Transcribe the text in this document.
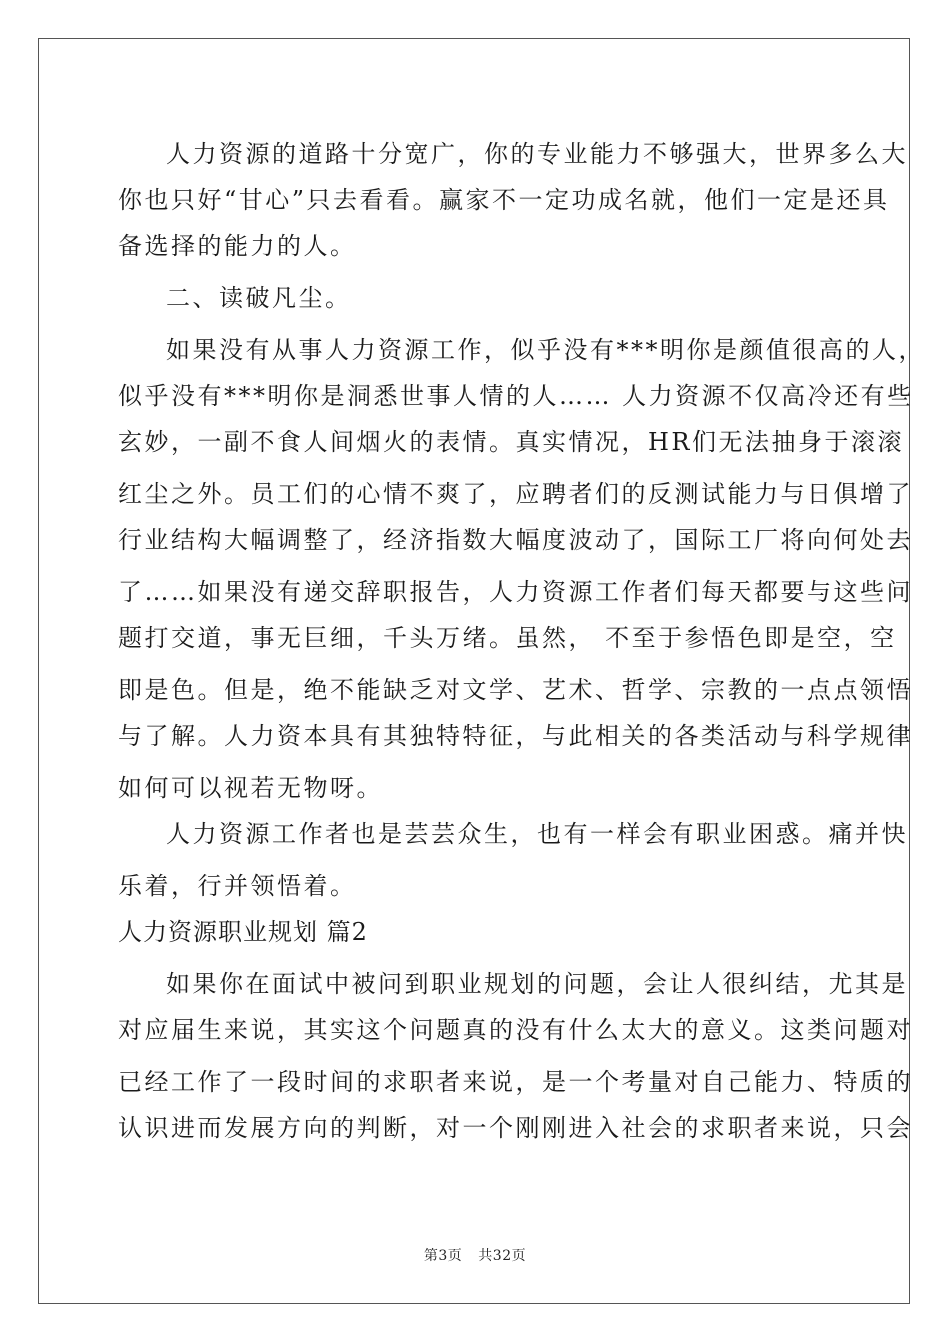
人力资源的道路十分宽广，你的专业能力不够强大，世界多么大

你也只好“甘心”只去看看。赢家不一定功成名就，他们一定是还具

备选择的能力的人。

二、读破凡尘。

如果没有从事人力资源工作，似乎没有***明你是颜值很高的人，

似乎没有***明你是洞悉世事人情的人…… 人力资源不仅高冷还有些

玄妙，一副不食人间烟火的表情。真实情况，HR们无法抽身于滚滚

红尘之外。员工们的心情不爽了，应聘者们的反测试能力与日俱增了

行业结构大幅调整了，经济指数大幅度波动了，国际工厂将向何处去

了……如果没有递交辞职报告，人力资源工作者们每天都要与这些问

题打交道，事无巨细，千头万绪。虽然， 不至于参悟色即是空，空

即是色。但是，绝不能缺乏对文学、艺术、哲学、宗教的一点点领悟

与了解。人力资本具有其独特特征，与此相关的各类活动与科学规律

如何可以视若无物呀。

人力资源工作者也是芸芸众生，也有一样会有职业困惑。痛并快

乐着，行并领悟着。

人力资源职业规划 篇2

如果你在面试中被问到职业规划的问题，会让人很纠结，尤其是

对应届生来说，其实这个问题真的没有什么太大的意义。这类问题对

已经工作了一段时间的求职者来说，是一个考量对自己能力、特质的

认识进而发展方向的判断，对一个刚刚进入社会的求职者来说，只会

第3页 共32页
